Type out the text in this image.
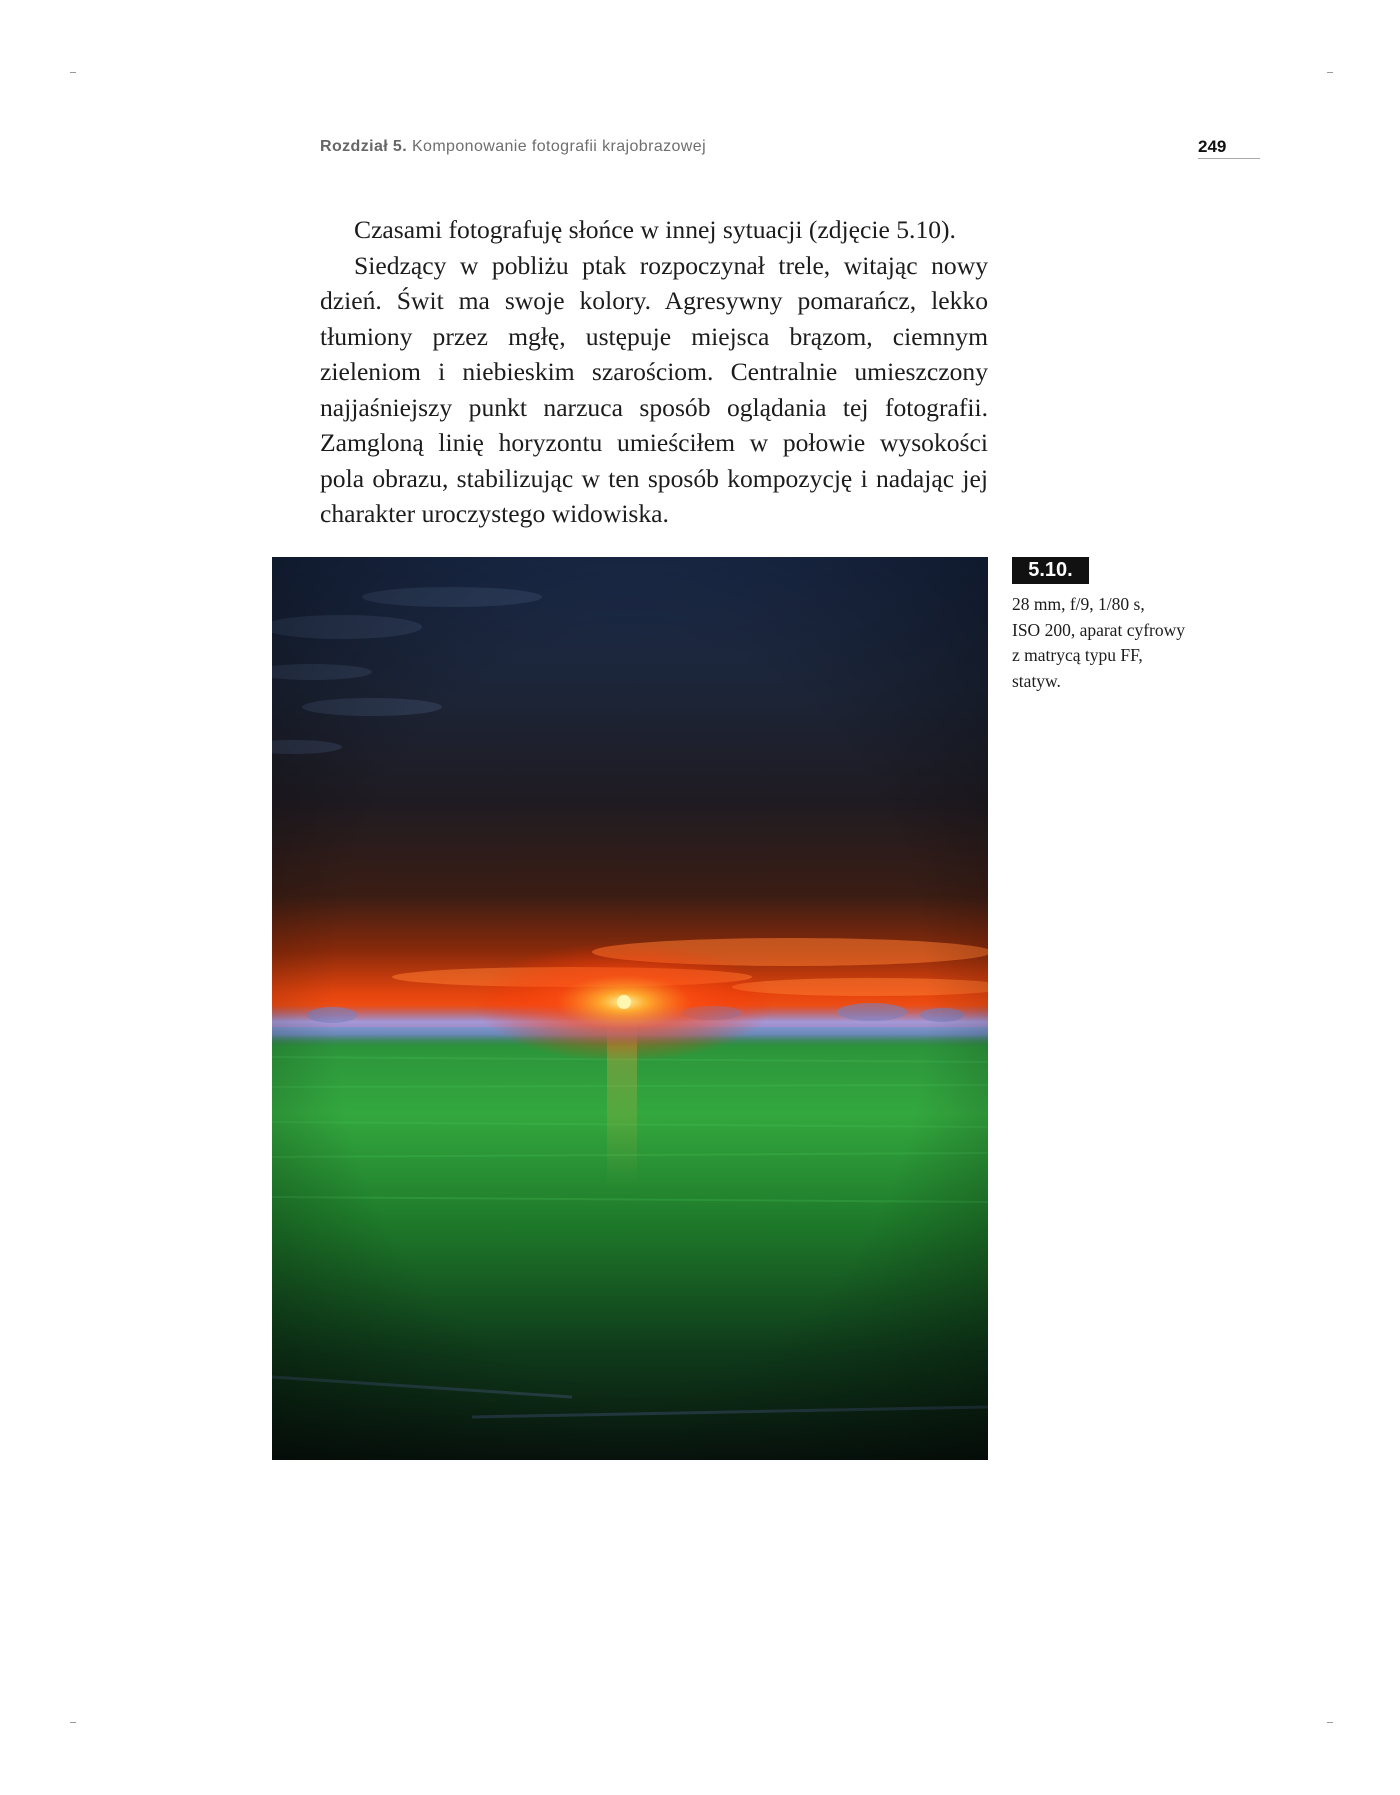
Rozdział 5. Komponowanie fotografii krajobrazowej	249

Czasami fotografuję słońce w innej sytuacji (zdjęcie 5.10).

Siedzący w pobliżu ptak rozpoczynał trele, witając nowy dzień. Świt ma swoje kolory. Agresywny pomarańcz, lekko tłumiony przez mgłę, ustępuje miejsca brązom, ciemnym zieleniom i niebieskim szarościom. Centralnie umieszczony najjaśniejszy punkt narzuca sposób oglądania tej fotografii. Zamgloną linię horyzontu umieściłem w połowie wysokości pola obrazu, stabilizując w ten sposób kompozycję i nadając jej charakter uroczystego widowiska.

5.10.
28 mm, f/9, 1/80 s,
ISO 200, aparat cyfrowy
z matrycą typu FF,
statyw.
